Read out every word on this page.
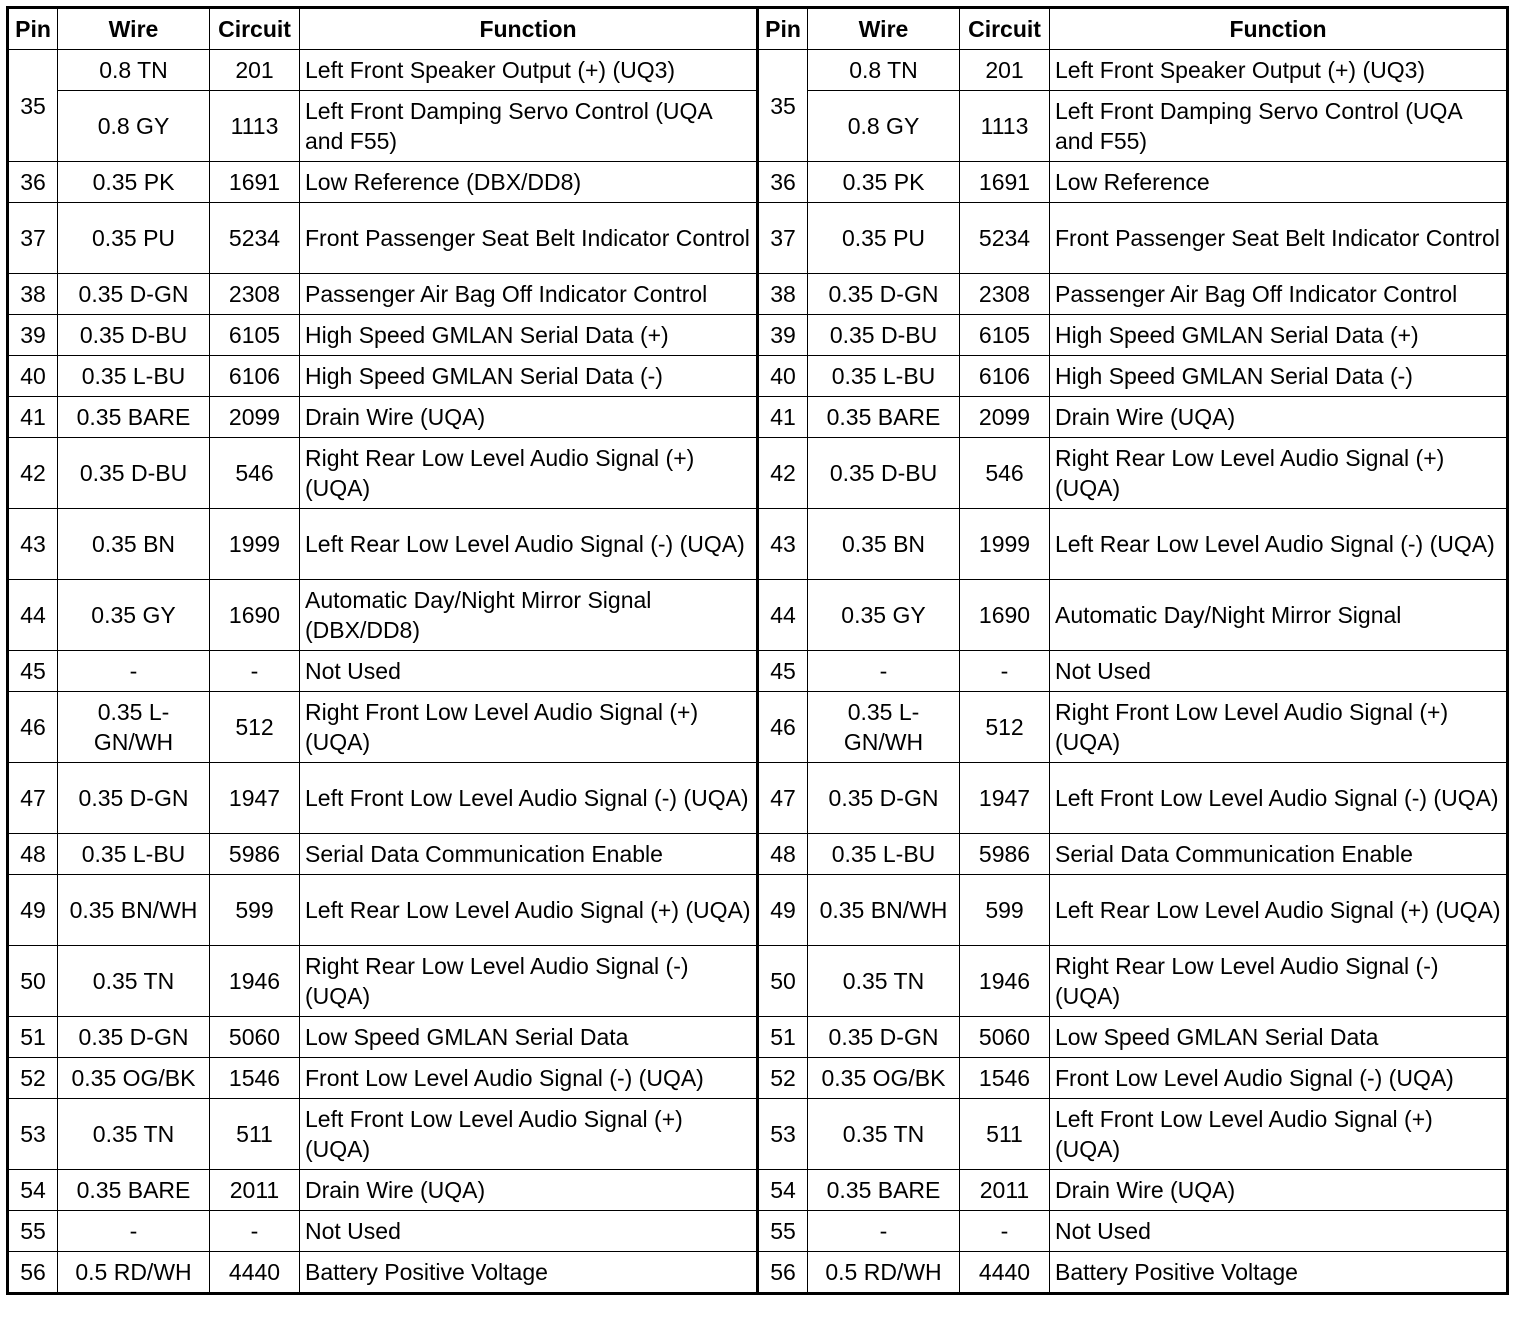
Pin	Wire	Circuit	Function	Pin	Wire	Circuit	Function
35	0.8 TN	201	Left Front Speaker Output (+) (UQ3)	35	0.8 TN	201	Left Front Speaker Output (+) (UQ3)
	0.8 GY	1113	Left Front Damping Servo Control (UQA and F55)		0.8 GY	1113	Left Front Damping Servo Control (UQA and F55)
36	0.35 PK	1691	Low Reference (DBX/DD8)	36	0.35 PK	1691	Low Reference
37	0.35 PU	5234	Front Passenger Seat Belt Indicator Control	37	0.35 PU	5234	Front Passenger Seat Belt Indicator Control
38	0.35 D-GN	2308	Passenger Air Bag Off Indicator Control	38	0.35 D-GN	2308	Passenger Air Bag Off Indicator Control
39	0.35 D-BU	6105	High Speed GMLAN Serial Data (+)	39	0.35 D-BU	6105	High Speed GMLAN Serial Data (+)
40	0.35 L-BU	6106	High Speed GMLAN Serial Data (-)	40	0.35 L-BU	6106	High Speed GMLAN Serial Data (-)
41	0.35 BARE	2099	Drain Wire (UQA)	41	0.35 BARE	2099	Drain Wire (UQA)
42	0.35 D-BU	546	Right Rear Low Level Audio Signal (+) (UQA)	42	0.35 D-BU	546	Right Rear Low Level Audio Signal (+) (UQA)
43	0.35 BN	1999	Left Rear Low Level Audio Signal (-) (UQA)	43	0.35 BN	1999	Left Rear Low Level Audio Signal (-) (UQA)
44	0.35 GY	1690	Automatic Day/Night Mirror Signal (DBX/DD8)	44	0.35 GY	1690	Automatic Day/Night Mirror Signal
45	-	-	Not Used	45	-	-	Not Used
46	0.35 L-GN/WH	512	Right Front Low Level Audio Signal (+) (UQA)	46	0.35 L-GN/WH	512	Right Front Low Level Audio Signal (+) (UQA)
47	0.35 D-GN	1947	Left Front Low Level Audio Signal (-) (UQA)	47	0.35 D-GN	1947	Left Front Low Level Audio Signal (-) (UQA)
48	0.35 L-BU	5986	Serial Data Communication Enable	48	0.35 L-BU	5986	Serial Data Communication Enable
49	0.35 BN/WH	599	Left Rear Low Level Audio Signal (+) (UQA)	49	0.35 BN/WH	599	Left Rear Low Level Audio Signal (+) (UQA)
50	0.35 TN	1946	Right Rear Low Level Audio Signal (-) (UQA)	50	0.35 TN	1946	Right Rear Low Level Audio Signal (-) (UQA)
51	0.35 D-GN	5060	Low Speed GMLAN Serial Data	51	0.35 D-GN	5060	Low Speed GMLAN Serial Data
52	0.35 OG/BK	1546	Front Low Level Audio Signal (-) (UQA)	52	0.35 OG/BK	1546	Front Low Level Audio Signal (-) (UQA)
53	0.35 TN	511	Left Front Low Level Audio Signal (+) (UQA)	53	0.35 TN	511	Left Front Low Level Audio Signal (+) (UQA)
54	0.35 BARE	2011	Drain Wire (UQA)	54	0.35 BARE	2011	Drain Wire (UQA)
55	-	-	Not Used	55	-	-	Not Used
56	0.5 RD/WH	4440	Battery Positive Voltage	56	0.5 RD/WH	4440	Battery Positive Voltage
